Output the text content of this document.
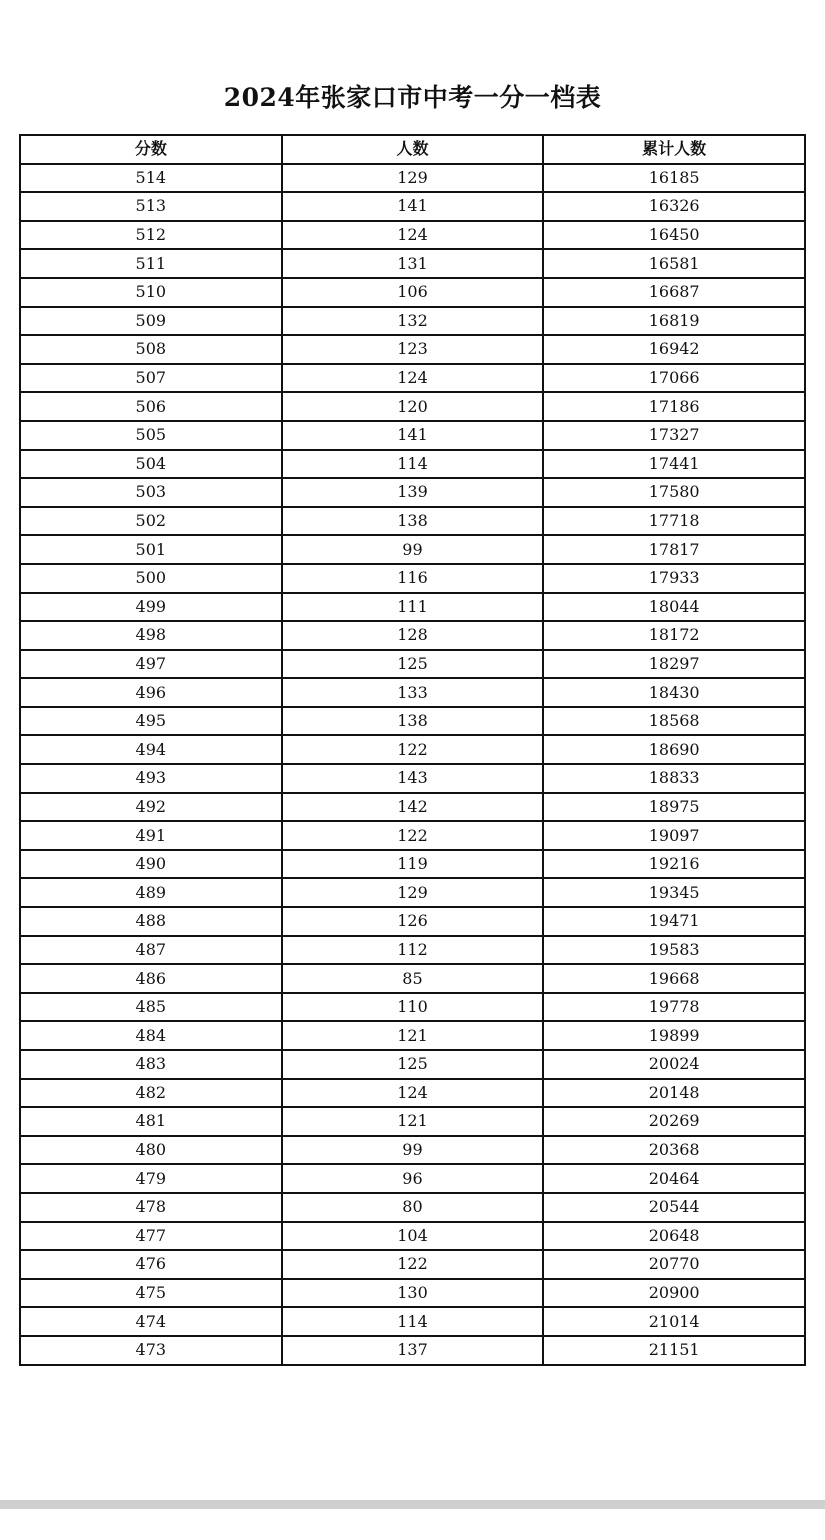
2024年张家口市中考一分一档表
分数	人数	累计人数
514	129	16185
513	141	16326
512	124	16450
511	131	16581
510	106	16687
509	132	16819
508	123	16942
507	124	17066
506	120	17186
505	141	17327
504	114	17441
503	139	17580
502	138	17718
501	99	17817
500	116	17933
499	111	18044
498	128	18172
497	125	18297
496	133	18430
495	138	18568
494	122	18690
493	143	18833
492	142	18975
491	122	19097
490	119	19216
489	129	19345
488	126	19471
487	112	19583
486	85	19668
485	110	19778
484	121	19899
483	125	20024
482	124	20148
481	121	20269
480	99	20368
479	96	20464
478	80	20544
477	104	20648
476	122	20770
475	130	20900
474	114	21014
473	137	21151
